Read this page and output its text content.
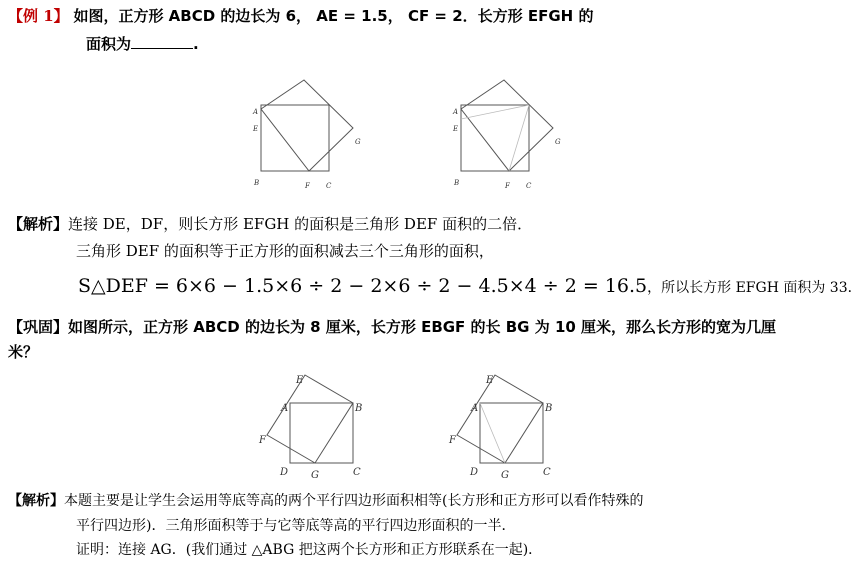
【例 1】 如图，正方形 ABCD 的边长为 6， AE = 1.5， CF = 2．长方形 EFGH 的
面积为	.
A
E
B	F C
G
A
E
B	F C
G
【解析】连接 DE，DF，则长方形 EFGH 的面积是三角形 DEF 面积的二倍．
三角形 DEF 的面积等于正方形的面积减去三个三角形的面积，
S△DEF = 6×6 − 1.5×6 ÷ 2 − 2×6 ÷ 2 − 4.5×4 ÷ 2 = 16.5，所以长方形 EFGH 面积为 33．
【巩固】如图所示，正方形 ABCD 的边长为 8 厘米，长方形 EBGF 的长 BG 为 10 厘米，那么长方形的宽为几厘
米？
E
A	B
F
D G	C
E
A	B
F
D G	C
【解析】本题主要是让学生会运用等底等高的两个平行四边形面积相等(长方形和正方形可以看作特殊的
平行四边形)．三角形面积等于与它等底等高的平行四边形面积的一半．
证明：连接 AG．(我们通过 △ABG 把这两个长方形和正方形联系在一起)．
